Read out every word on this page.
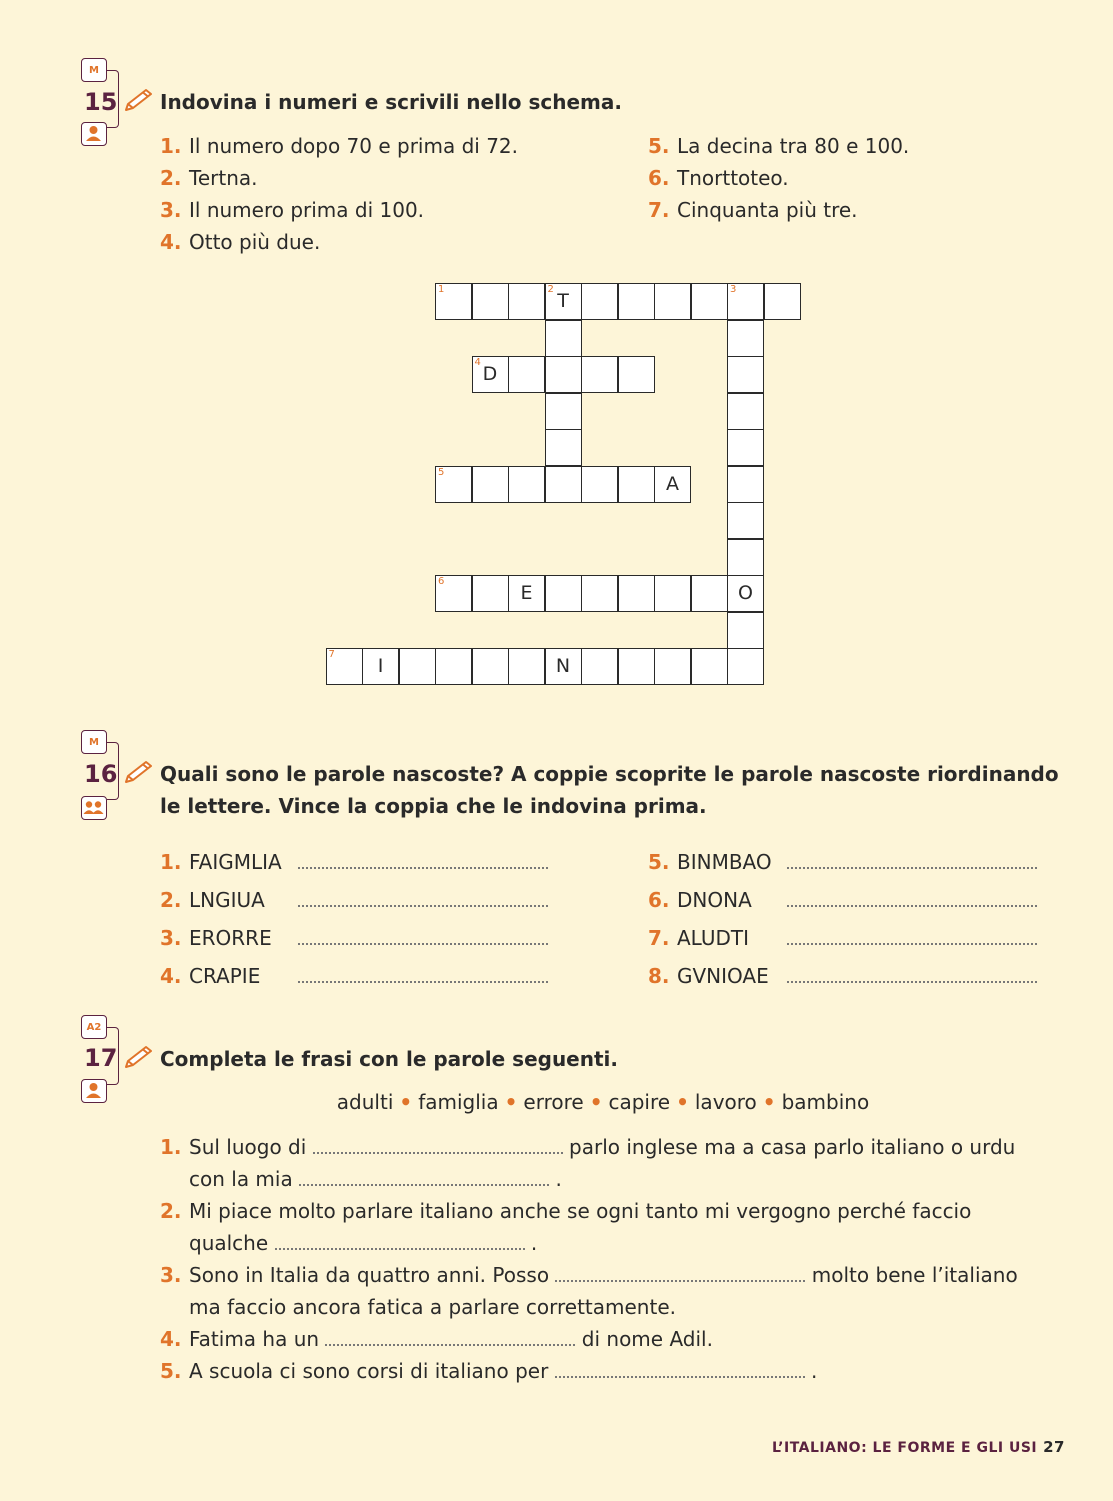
M
15 Indovina i numeri e scrivili nello schema.
1. Il numero dopo 70 e prima di 72.
2. Tertna.
3. Il numero prima di 100.
4. Otto più due.
5. La decina tra 80 e 100.
6. Tnorttoteo.
7. Cinquanta più tre.
1	2
T
3
4
D
O
5
A
6
E
7
I	N
M
16 Quali sono le parole nascoste? A coppie scoprite le parole nascoste riordinando
le lettere. Vince la coppia che le indovina prima.
1. FAIGMLIA
2. LNGIUA
3. ERORRE
4. CRAPIE
5. BINMBAO
6. DNONA
7. ALUDTI
8. GVNIOAE
A2
17 Completa le frasi con le parole seguenti.
adulti • famiglia • errore • capire • lavoro • bambino
1. Sul luogo di	parlo inglese ma a casa parlo italiano o urdu
con la mia	.
2. Mi piace molto parlare italiano anche se ogni tanto mi vergogno perché faccio
qualche	.
3. Sono in Italia da quattro anni. Posso	molto bene l’italiano
ma faccio ancora fatica a parlare correttamente.
4. Fatima ha un	di nome Adil.
5. A scuola ci sono corsi di italiano per	.
L’ITALIANO: LE FORME E GLI USI 27
